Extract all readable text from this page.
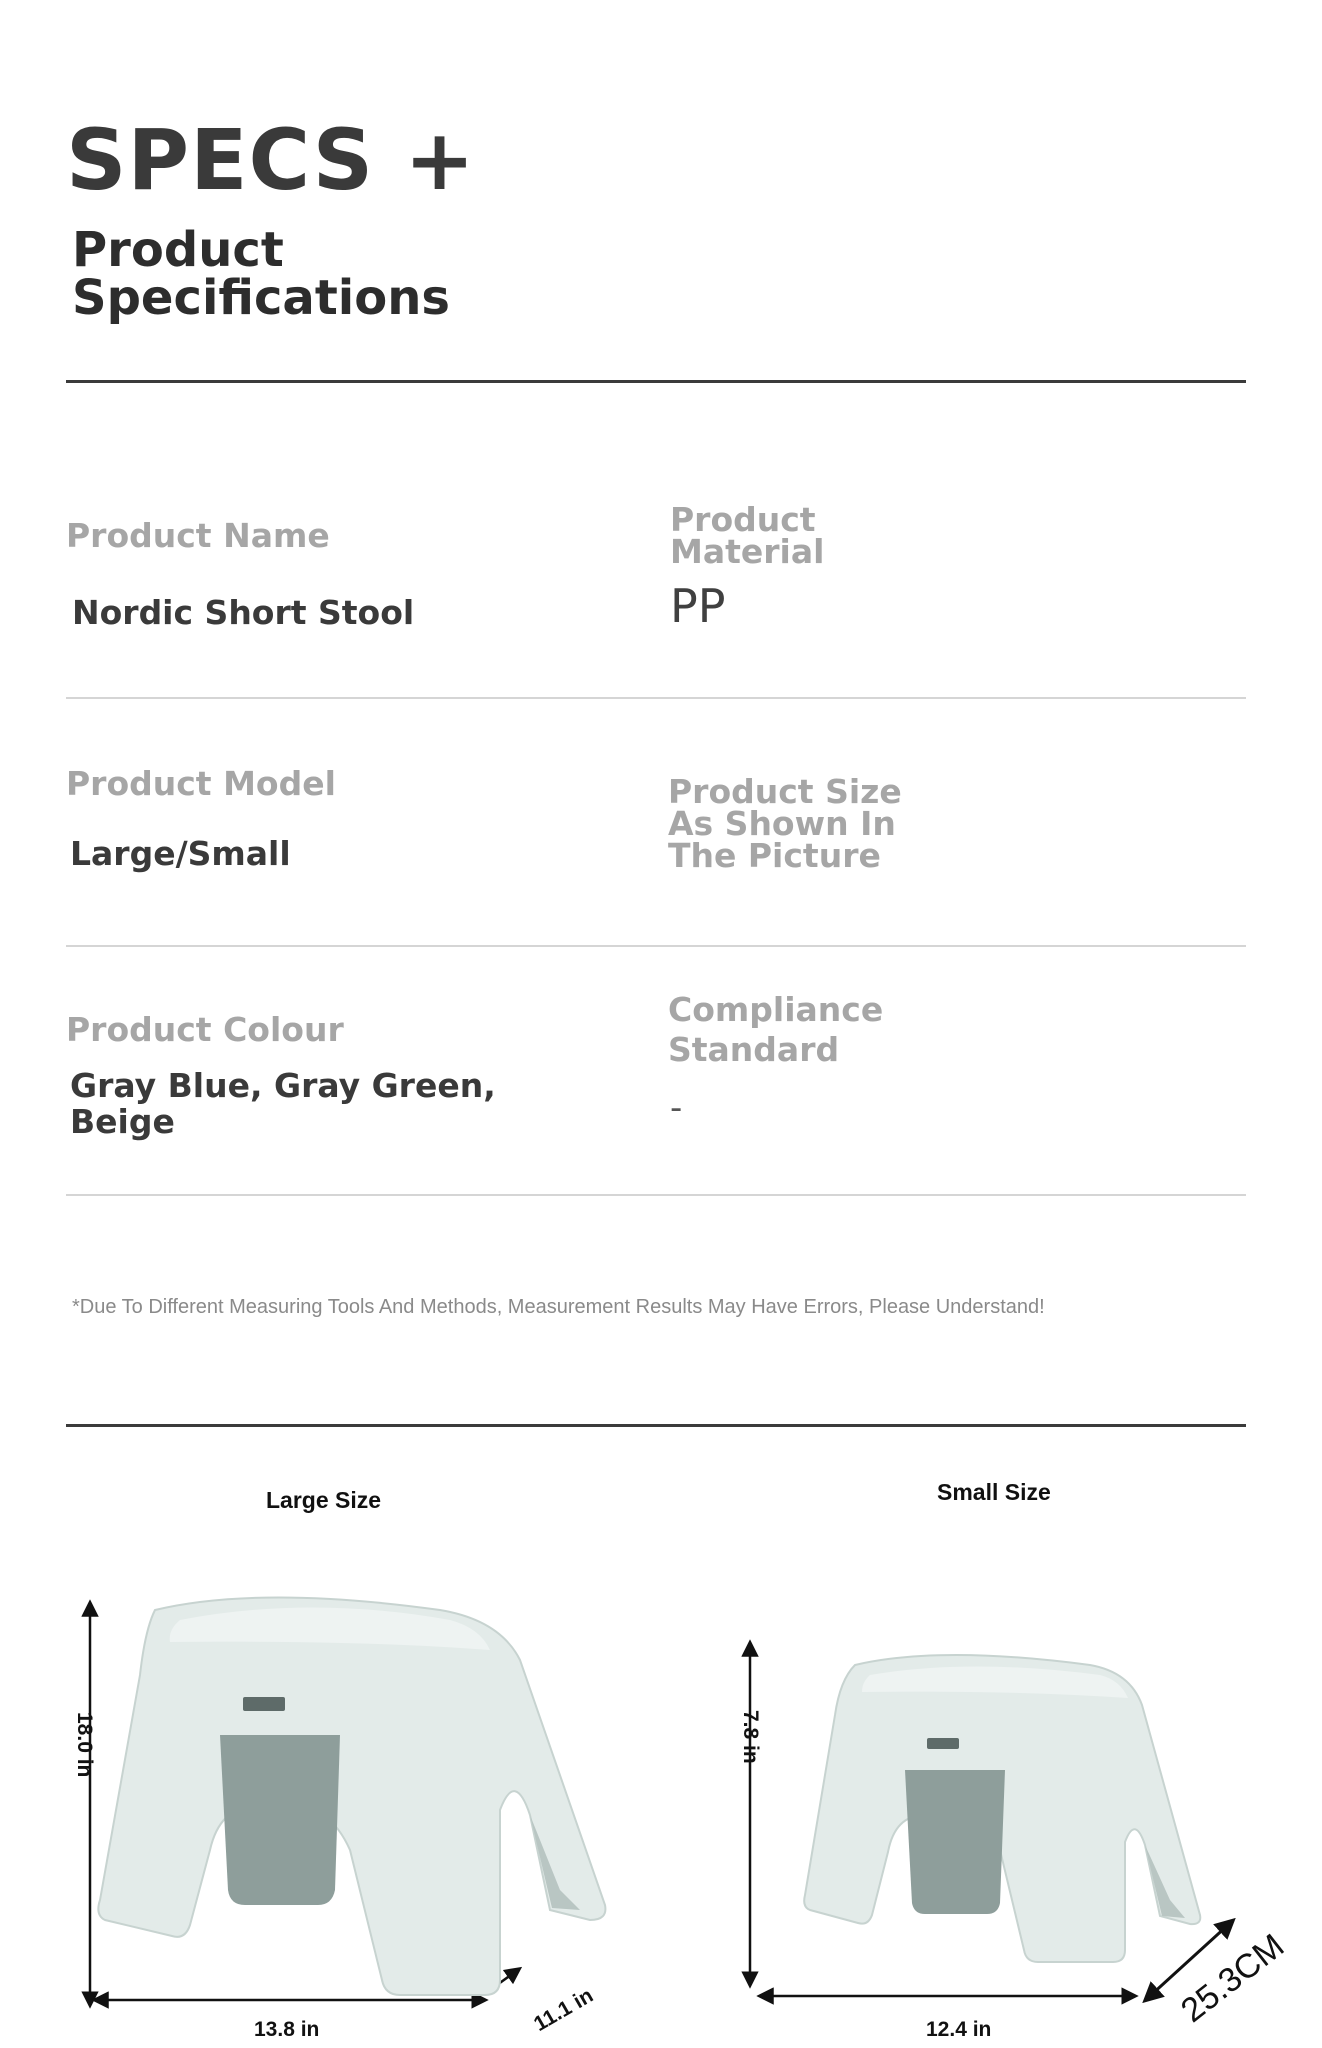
SPECS +
Product Specifications
Product Name
Nordic Short Stool
Product Material
PP
Product Model
Large/Small
Product Size As Shown In The Picture
Product Colour
Gray Blue, Gray Green, Beige
Compliance Standard
-
*Due To Different Measuring Tools And Methods, Measurement Results May Have Errors, Please Understand!
Large Size	Small Size
18.0 in
11.1 in
13.8 in
7.8 in
25.3CM
12.4 in
